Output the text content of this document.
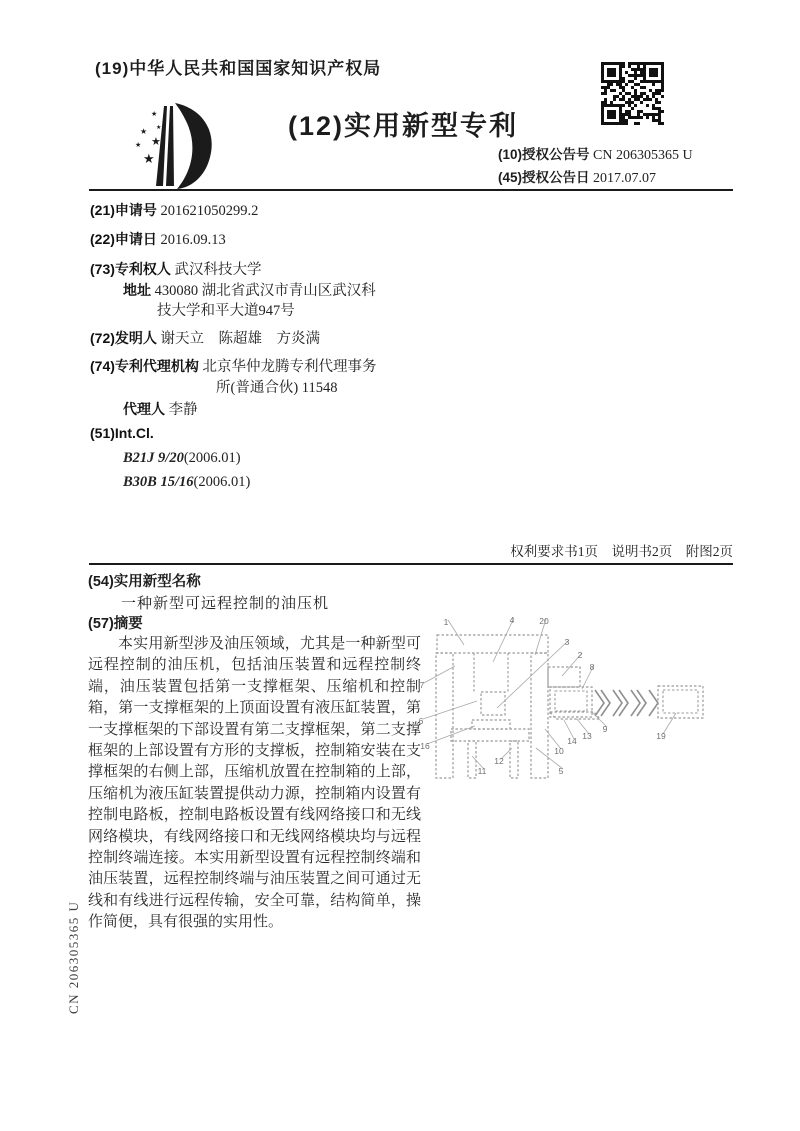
(19)中华人民共和国国家知识产权局
★
★
★
★
★
★
(12)实用新型专利
(10)授权公告号 CN 206305365 U
(45)授权公告日 2017.07.07
(21)申请号 201621050299.2
(22)申请日 2016.09.13
(73)专利权人 武汉科技大学
地址 430080 湖北省武汉市青山区武汉科
技大学和平大道947号
(72)发明人 谢天立　陈超雄　方炎满
(74)专利代理机构 北京华仲龙腾专利代理事务
所(普通合伙) 11548
代理人 李静
(51)Int.Cl.
B21J 9/20(2006.01)
B30B 15/16(2006.01)
权利要求书1页　说明书2页　附图2页
(54)实用新型名称
一种新型可远程控制的油压机
(57)摘要

本实用新型涉及油压领域，尤其是一种新型可远程控制的油压机，包括油压装置和远程控制终端，油压装置包括第一支撑框架、压缩机和控制箱，第一支撑框架的上顶面设置有液压缸装置，第一支撑框架的下部设置有第二支撑框架，第二支撑框架的上部设置有方形的支撑板，控制箱安装在支撑框架的右侧上部，压缩机放置在控制箱的上部，压缩机为液压缸装置提供动力源，控制箱内设置有控制电路板，控制电路板设置有线网络接口和无线网络模块，有线网络接口和无线网络模块均与远程控制终端连接。本实用新型设置有远程控制终端和油压装置，远程控制终端与油压装置之间可通过无线和有线进行远程传输，安全可靠，结构简单，操作简便，具有很强的实用性。

1	4	20
3
2
8
7
6
16
11
12
10
5
14 13
9
19
CN 206305365 U
